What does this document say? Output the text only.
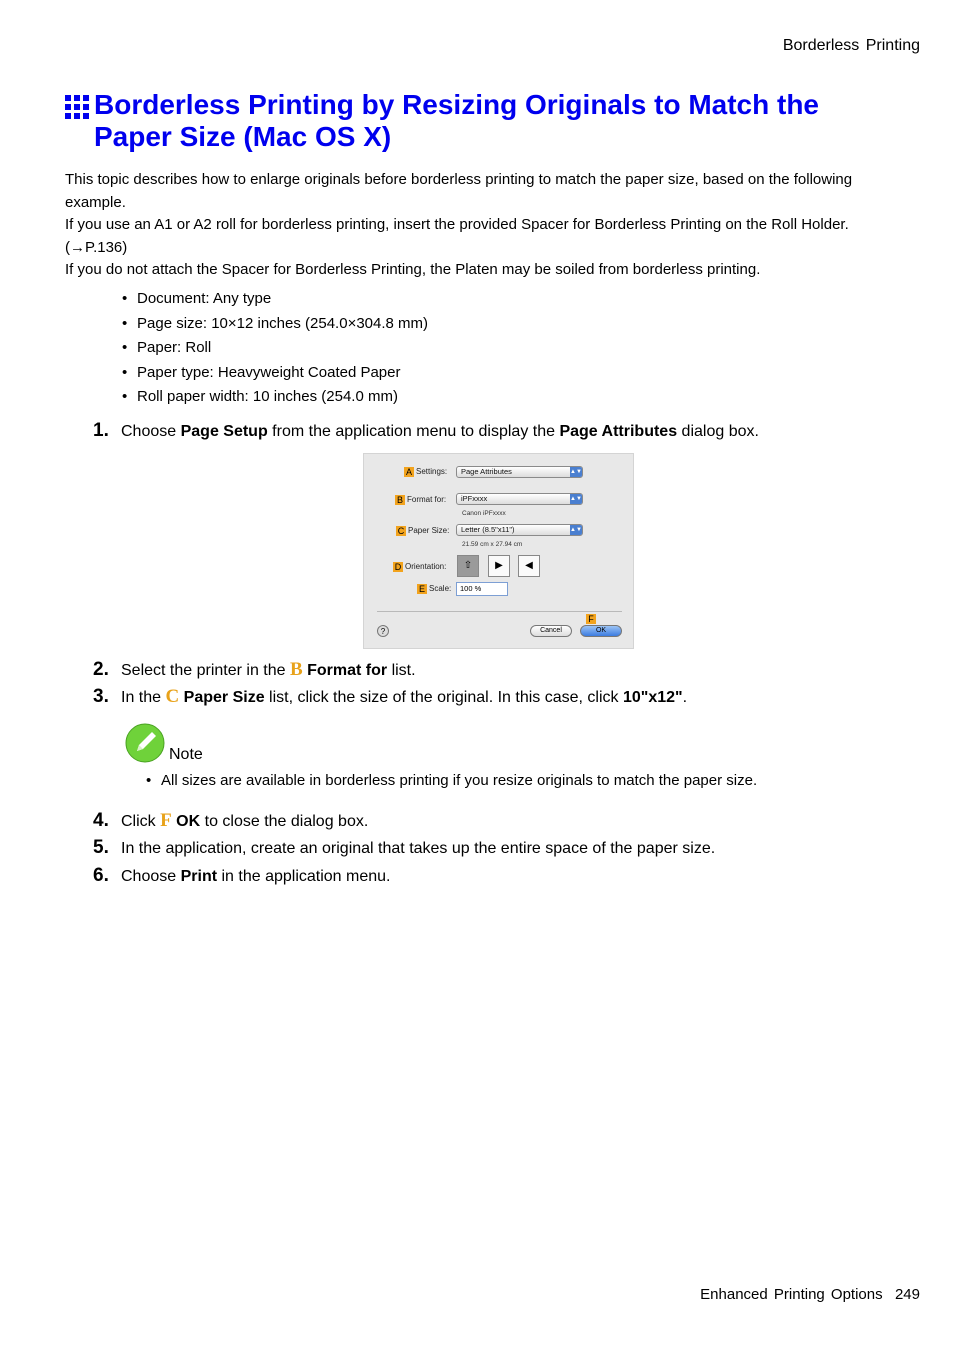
Borderless Printing
Borderless Printing by Resizing Originals to Match the Paper Size (Mac OS X)

This topic describes how to enlarge originals before borderless printing to match the paper size, based on the following example.

If you use an A1 or A2 roll for borderless printing, insert the provided Spacer for Borderless Printing on the Roll Holder. (→P.136)

If you do not attach the Spacer for Borderless Printing, the Platen may be soiled from borderless printing.

• Document: Any type
• Page size: 10×12 inches (254.0×304.8 mm)
• Paper: Roll
• Paper type: Heavyweight Coated Paper
• Roll paper width: 10 inches (254.0 mm)
1. Choose Page Setup from the application menu to display the Page Attributes dialog box.
A Settings:	Page Attributes	▲▼
B Format for:	iPFxxxx	▲▼
Canon iPFxxxx
C Paper Size:	Letter (8.5"x11")	▲▼
21.59 cm x 27.94 cm
D Orientation:	⇧	▶	◀
E Scale:	100 %
?
F
Cancel	OK
2. Select the printer in the B Format for list.
3. In the C Paper Size list, click the size of the original. In this case, click 10"x12".
Note
• All sizes are available in borderless printing if you resize originals to match the paper size.
4. Click F OK to close the dialog box.
5. In the application, create an original that takes up the entire space of the paper size.
6. Choose Print in the application menu.
Enhanced Printing Options 249
